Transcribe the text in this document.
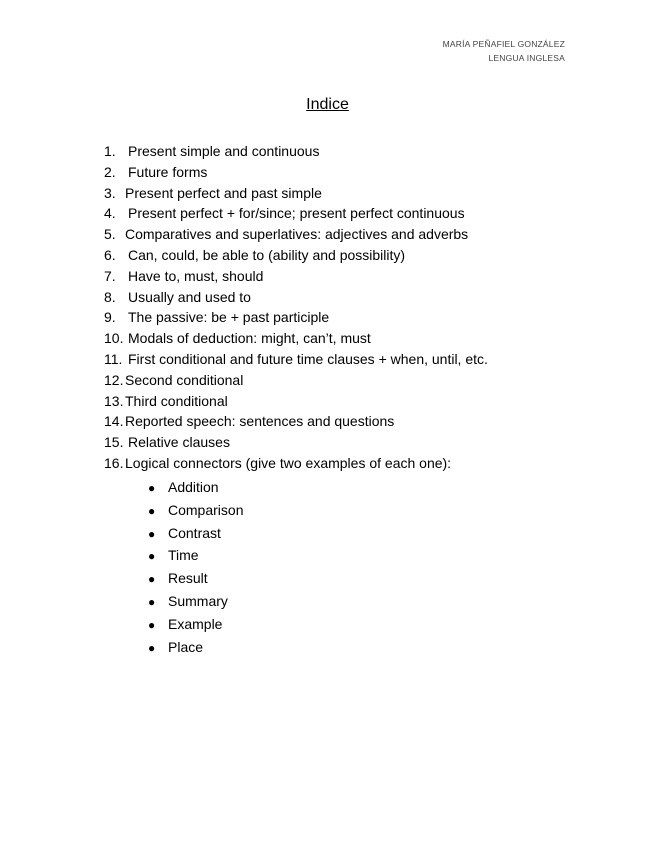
MARÍA PEÑAFIEL GONZÁLEZ
LENGUA INGLESA
Indice
1. Present simple and continuous
2. Future forms
3. Present perfect and past simple
4. Present perfect + for/since; present perfect continuous
5. Comparatives and superlatives: adjectives and adverbs
6. Can, could, be able to (ability and possibility)
7. Have to, must, should
8. Usually and used to
9. The passive: be + past participle
10. Modals of deduction: might, can’t, must
11. First conditional and future time clauses + when, until, etc.
12. Second conditional
13. Third conditional
14. Reported speech: sentences and questions
15. Relative clauses
16. Logical connectors (give two examples of each one):
● Addition
● Comparison
● Contrast
● Time
● Result
● Summary
● Example
● Place
